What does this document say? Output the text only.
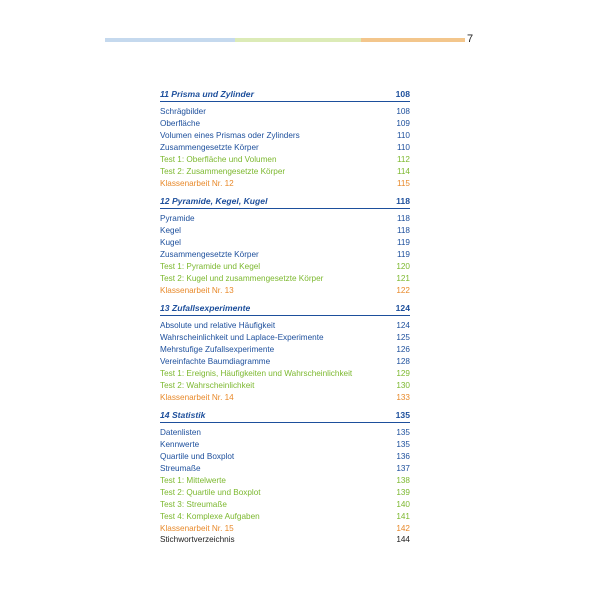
7
11 Prisma und Zylinder	108
Schrägbilder	108
Oberfläche	109
Volumen eines Prismas oder Zylinders	110
Zusammengesetzte Körper	110
Test 1: Oberfläche und Volumen	112
Test 2: Zusammengesetzte Körper	114
Klassenarbeit Nr. 12	115
12 Pyramide, Kegel, Kugel	118
Pyramide	118
Kegel	118
Kugel	119
Zusammengesetzte Körper	119
Test 1: Pyramide und Kegel	120
Test 2: Kugel und zusammengesetzte Körper	121
Klassenarbeit Nr. 13	122
13 Zufallsexperimente	124
Absolute und relative Häufigkeit	124
Wahrscheinlichkeit und Laplace-Experimente	125
Mehrstufige Zufallsexperimente	126
Vereinfachte Baumdiagramme	128
Test 1: Ereignis, Häufigkeiten und Wahrscheinlichkeit	129
Test 2: Wahrscheinlichkeit	130
Klassenarbeit Nr. 14	133
14 Statistik	135
Datenlisten	135
Kennwerte	135
Quartile und Boxplot	136
Streumaße	137
Test 1: Mittelwerte	138
Test 2: Quartile und Boxplot	139
Test 3: Streumaße	140
Test 4: Komplexe Aufgaben	141
Klassenarbeit Nr. 15	142
Stichwortverzeichnis	144
